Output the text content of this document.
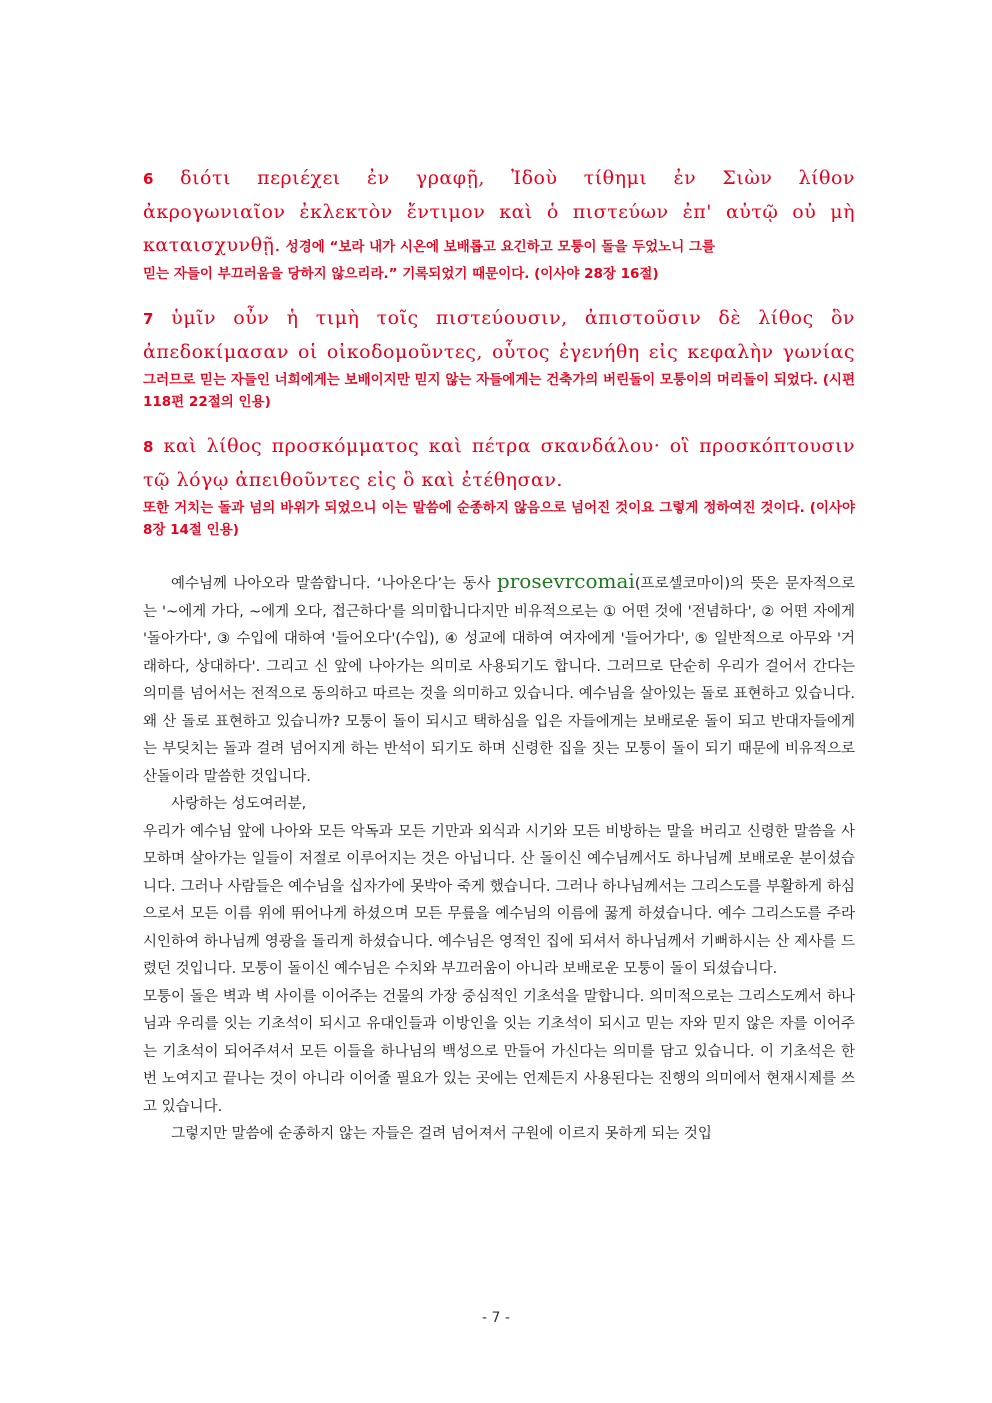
6 διότι περιέχει ἐν γραφῇ, Ἰδοὺ τίθημι ἐν Σιὼν λίθον
ἀκρογωνιαῖον ἐκλεκτὸν ἔντιμον καὶ ὁ πιστεύων ἐπ' αὐτῷ οὐ μὴ
καταισχυνθῇ. 성경에 “보라 내가 시온에 보배롭고 요긴하고 모퉁이 돌을 두었노니 그를
믿는 자들이 부끄러움을 당하지 않으리라.” 기록되었기 때문이다. (이사야 28장 16절)
7 ὑμῖν οὖν ἡ τιμὴ τοῖς πιστεύουσιν, ἀπιστοῦσιν δὲ λίθος ὃν
ἀπεδοκίμασαν οἱ οἰκοδομοῦντες, οὗτος ἐγενήθη εἰς κεφαλὴν γωνίας
그러므로 믿는 자들인 너희에게는 보배이지만 믿지 않는 자들에게는 건축가의 버린돌이 모퉁이의 머리돌이 되었다. (시편 118편 22절의 인용)
8 καὶ λίθος προσκόμματος καὶ πέτρα σκανδάλου· οἳ προσκόπτουσιν
τῷ λόγῳ ἀπειθοῦντες εἰς ὃ καὶ ἐτέθησαν.
또한 거치는 돌과 넘의 바위가 되었으니 이는 말씀에 순종하지 않음으로 넘어진 것이요 그렇게 정하여진 것이다. (이사야 8장 14절 인용)

예수님께 나아오라 말씀합니다. ‘나아온다’는 동사 prosevrcomai(프로셀코마이)의 뜻은 문자적으로는 '~에게 가다, ~에게 오다, 접근하다'를 의미합니다지만 비유적으로는 ① 어떤 것에 '전념하다', ② 어떤 자에게 '돌아가다', ③ 수입에 대하여 '들어오다'(수입), ④ 성교에 대하여 여자에게 '들어가다', ⑤ 일반적으로 아무와 '거래하다, 상대하다'. 그리고 신 앞에 나아가는 의미로 사용되기도 합니다. 그러므로 단순히 우리가 걸어서 간다는 의미를 넘어서는 전적으로 동의하고 따르는 것을 의미하고 있습니다. 예수님을 살아있는 돌로 표현하고 있습니다. 왜 산 돌로 표현하고 있습니까? 모퉁이 돌이 되시고 택하심을 입은 자들에게는 보배로운 돌이 되고 반대자들에게는 부딪치는 돌과 걸려 넘어지게 하는 반석이 되기도 하며 신령한 집을 짓는 모퉁이 돌이 되기 때문에 비유적으로 산돌이라 말씀한 것입니다.

사랑하는 성도여러분,

우리가 예수님 앞에 나아와 모든 악독과 모든 기만과 외식과 시기와 모든 비방하는 말을 버리고 신령한 말씀을 사모하며 살아가는 일들이 저절로 이루어지는 것은 아닙니다. 산 돌이신 예수님께서도 하나님께 보배로운 분이셨습니다. 그러나 사람들은 예수님을 십자가에 못박아 죽게 했습니다. 그러나 하나님께서는 그리스도를 부활하게 하심으로서 모든 이름 위에 뛰어나게 하셨으며 모든 무릎을 예수님의 이름에 꿇게 하셨습니다. 예수 그리스도를 주라 시인하여 하나님께 영광을 돌리게 하셨습니다. 예수님은 영적인 집에 되셔서 하나님께서 기뻐하시는 산 제사를 드렸던 것입니다. 모퉁이 돌이신 예수님은 수치와 부끄러움이 아니라 보배로운 모퉁이 돌이 되셨습니다.

모퉁이 돌은 벽과 벽 사이를 이어주는 건물의 가장 중심적인 기초석을 말합니다. 의미적으로는 그리스도께서 하나님과 우리를 잇는 기초석이 되시고 유대인들과 이방인을 잇는 기초석이 되시고 믿는 자와 믿지 않은 자를 이어주는 기초석이 되어주셔서 모든 이들을 하나님의 백성으로 만들어 가신다는 의미를 담고 있습니다. 이 기초석은 한번 노여지고 끝나는 것이 아니라 이어줄 필요가 있는 곳에는 언제든지 사용된다는 진행의 의미에서 현재시제를 쓰고 있습니다.

그렇지만 말씀에 순종하지 않는 자들은 걸려 넘어져서 구원에 이르지 못하게 되는 것입

- 7 -
